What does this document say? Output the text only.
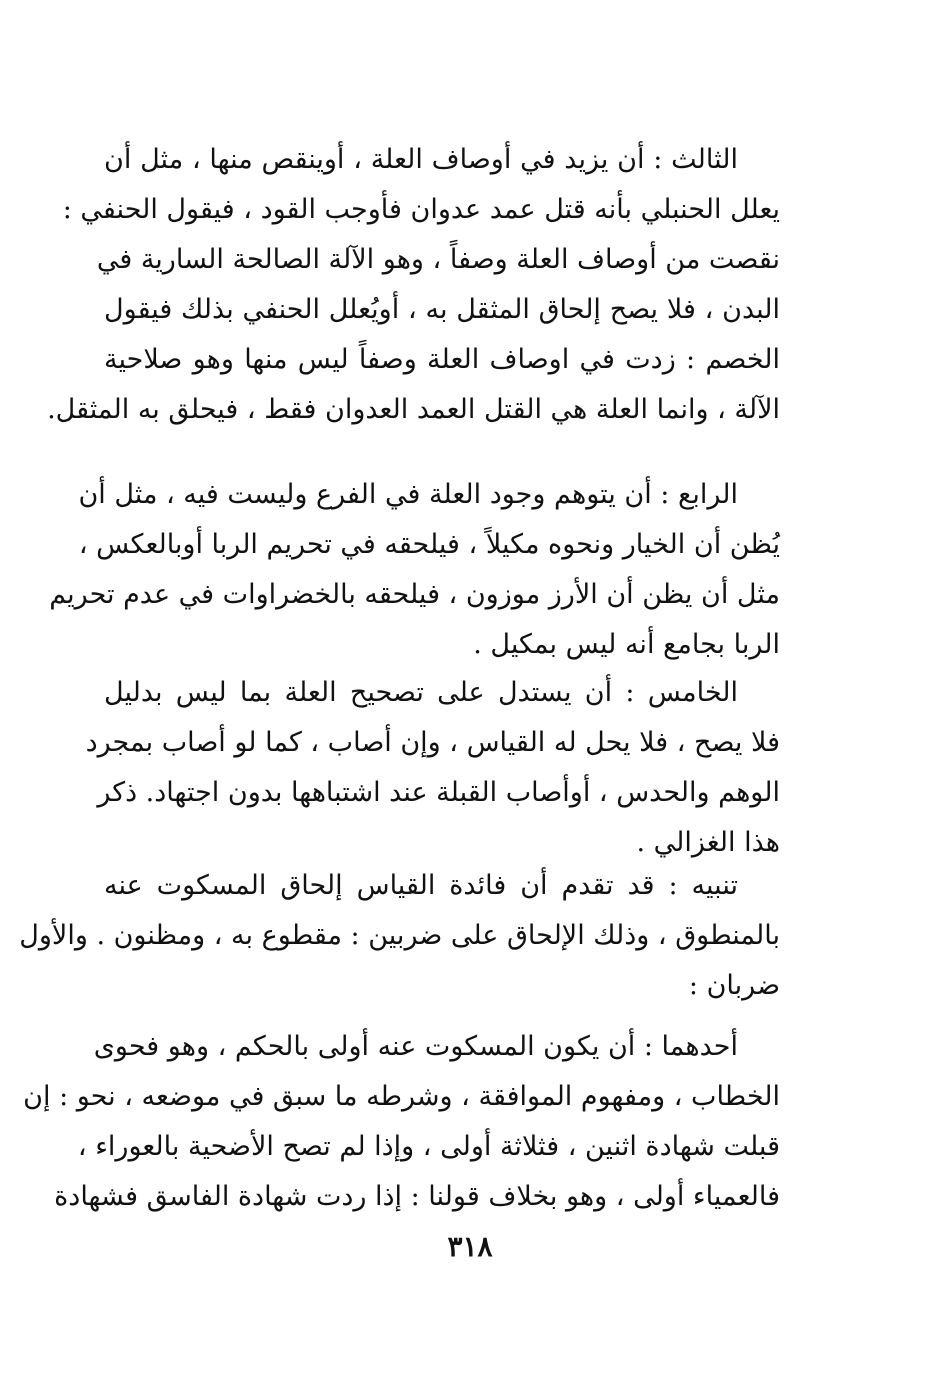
الثالث : أن يزيد في أوصاف العلة ، أوينقص منها ، مثل أن
يعلل الحنبلي بأنه قتل عمد عدوان فأوجب القود ، فيقول الحنفي :
نقصت من أوصاف العلة وصفاً ، وهو الآلة الصالحة السارية في
البدن ، فلا يصح إلحاق المثقل به ، أويُعلل الحنفي بذلك فيقول
الخصم : زدت في اوصاف العلة وصفاً ليس منها وهو صلاحية
الآلة ، وانما العلة هي القتل العمد العدوان فقط ، فيحلق به المثقل.
الرابع : أن يتوهم وجود العلة في الفرع وليست فيه ، مثل أن
يُظن أن الخيار ونحوه مكيلاً ، فيلحقه في تحريم الربا أوبالعكس ،
مثل أن يظن أن الأرز موزون ، فيلحقه بالخضراوات في عدم تحريم
الربا بجامع أنه ليس بمكيل .
الخامس : أن يستدل على تصحيح العلة بما ليس بدليل
فلا يصح ، فلا يحل له القياس ، وإن أصاب ، كما لو أصاب بمجرد
الوهم والحدس ، أوأصاب القبلة عند اشتباهها بدون اجتهاد. ذكر
هذا الغزالي .
تنبيه : قد تقدم أن فائدة القياس إلحاق المسكوت عنه
بالمنطوق ، وذلك الإلحاق على ضربين : مقطوع به ، ومظنون . والأول
ضربان :
أحدهما : أن يكون المسكوت عنه أولى بالحكم ، وهو فحوى
الخطاب ، ومفهوم الموافقة ، وشرطه ما سبق في موضعه ، نحو : إن
قبلت شهادة اثنين ، فثلاثة أولى ، وإذا لم تصح الأضحية بالعوراء ،
فالعمياء أولى ، وهو بخلاف قولنا : إذا ردت شهادة الفاسق فشهادة
٣١٨
